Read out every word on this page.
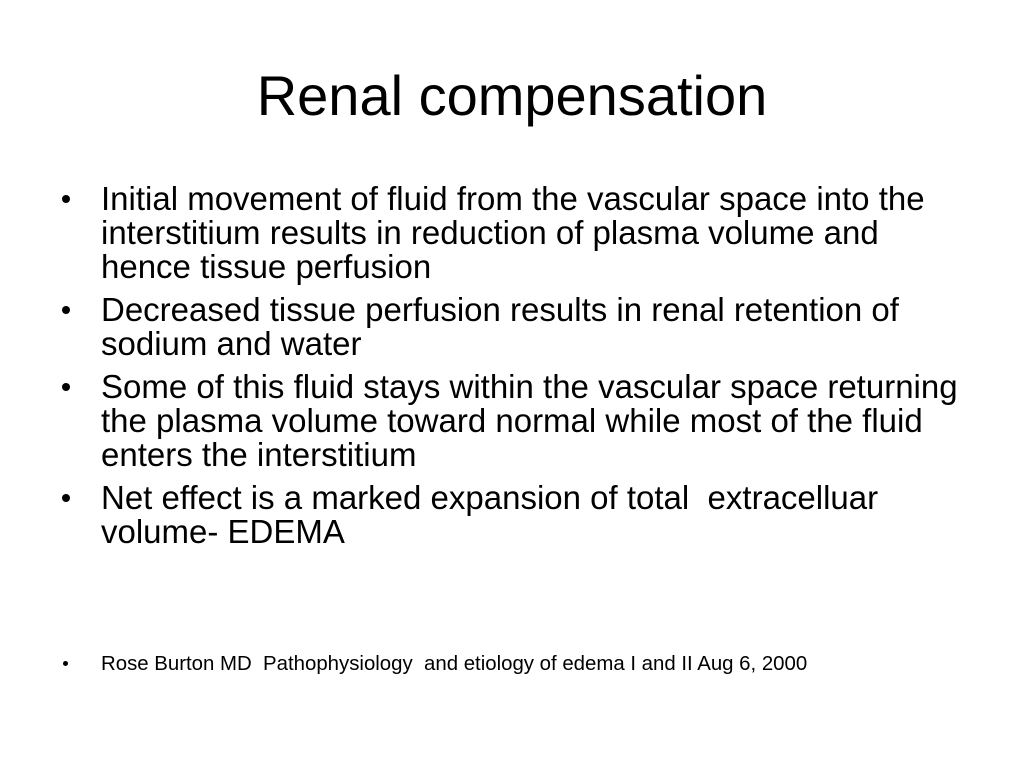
Renal compensation
Initial movement of fluid from the vascular space into the interstitium results in reduction of plasma volume and hence tissue perfusion
Decreased tissue perfusion results in renal retention of sodium and water
Some of this fluid stays within the vascular space returning the plasma volume toward normal while most of the fluid enters the interstitium
Net effect is a marked expansion of total  extracelluar volume- EDEMA
Rose Burton MD  Pathophysiology  and etiology of edema I and II Aug 6, 2000
